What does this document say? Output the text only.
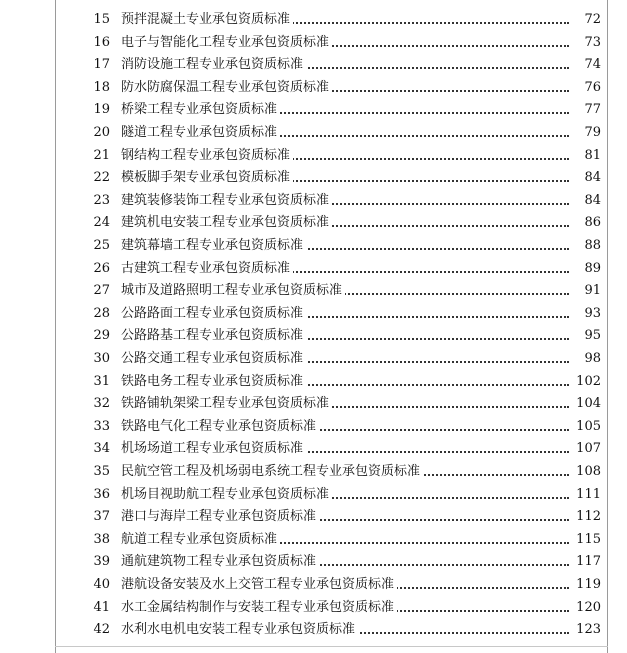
15 预拌混凝土专业承包资质标准	72
16 电子与智能化工程专业承包资质标准	73
17 消防设施工程专业承包资质标准	74
18 防水防腐保温工程专业承包资质标准	76
19 桥梁工程专业承包资质标准	77
20 隧道工程专业承包资质标准	79
21 钢结构工程专业承包资质标准	81
22 模板脚手架专业承包资质标准	84
23 建筑装修装饰工程专业承包资质标准	84
24 建筑机电安装工程专业承包资质标准	86
25 建筑幕墙工程专业承包资质标准	88
26 古建筑工程专业承包资质标准	89
27 城市及道路照明工程专业承包资质标准	91
28 公路路面工程专业承包资质标准	93
29 公路路基工程专业承包资质标准	95
30 公路交通工程专业承包资质标准	98
31 铁路电务工程专业承包资质标准	102
32 铁路铺轨架梁工程专业承包资质标准	104
33 铁路电气化工程专业承包资质标准	105
34 机场场道工程专业承包资质标准	107
35 民航空管工程及机场弱电系统工程专业承包资质标准	108
36 机场目视助航工程专业承包资质标准	111
37 港口与海岸工程专业承包资质标准	112
38 航道工程专业承包资质标准	115
39 通航建筑物工程专业承包资质标准	117
40 港航设备安装及水上交管工程专业承包资质标准	119
41 水工金属结构制作与安装工程专业承包资质标准	120
42 水利水电机电安装工程专业承包资质标准	123
